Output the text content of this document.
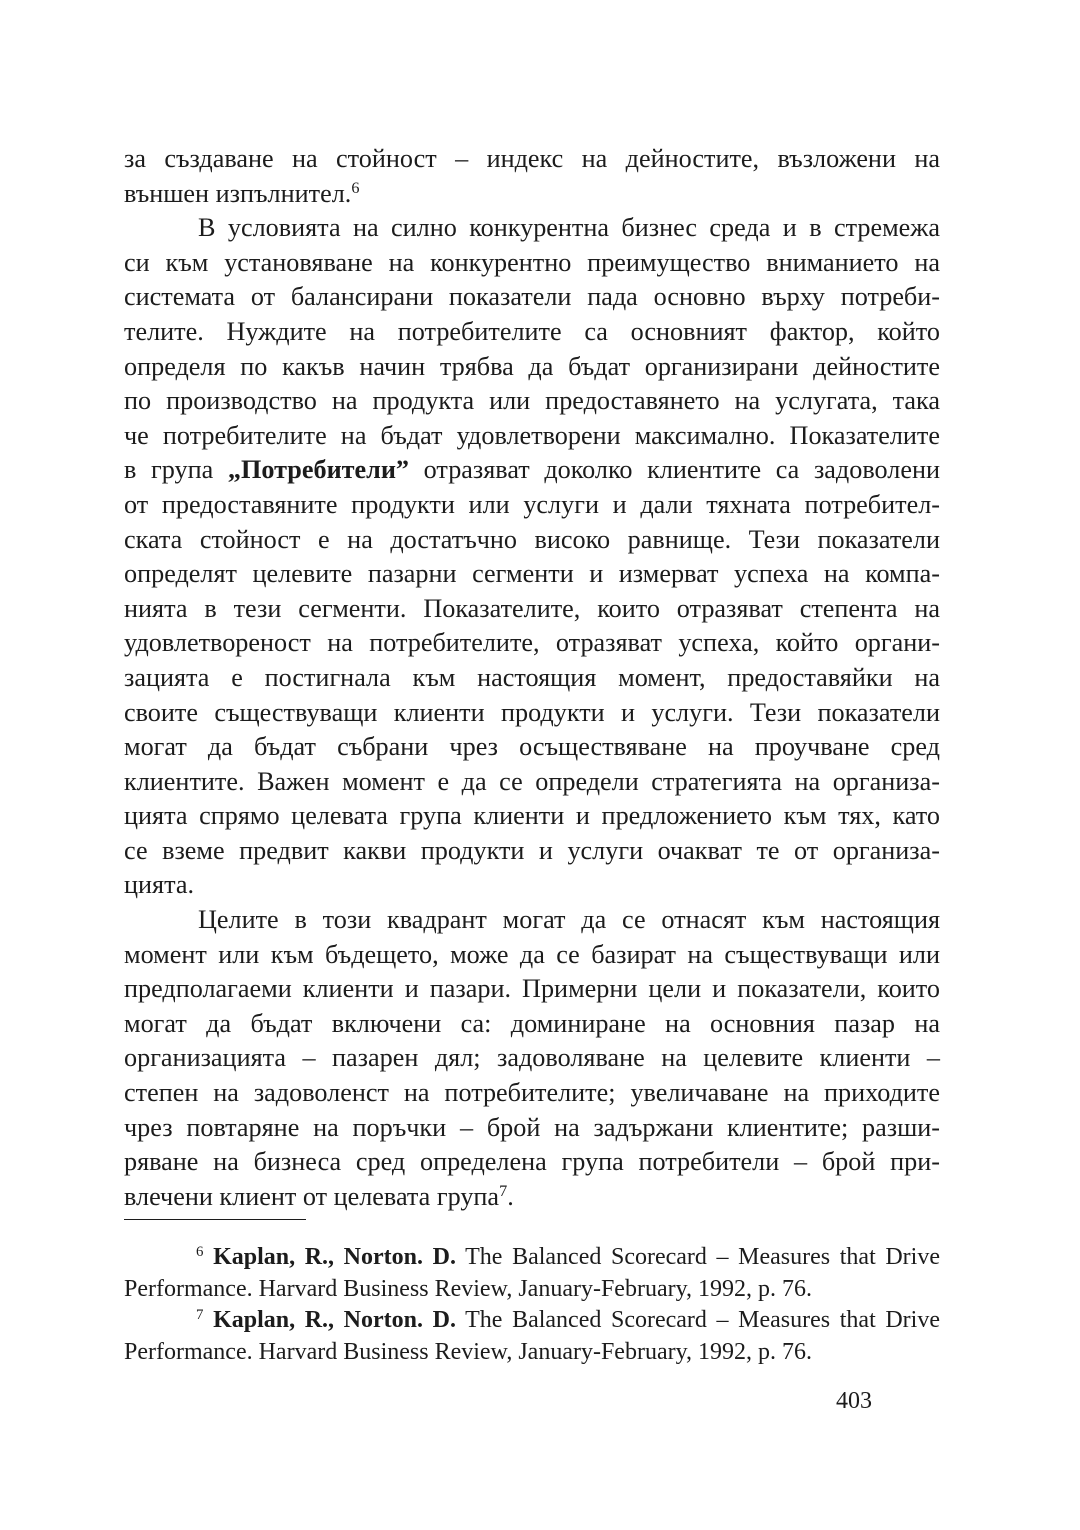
за създаване на стойност – индекс на дейностите, възложени на
външен изпълнител.$^6$
В условията на силно конкурентна бизнес среда и в стремежа
си към установяване на конкурентно преимущество вниманието на
системата от балансирани показатели пада основно върху потреби-
телите. Нуждите на потребителите са основният фактор, който
определя по какъв начин трябва да бъдат организирани дейностите
по производство на продукта или предоставянето на услугата, така
че потребителите на бъдат удовлетворени максимално. Показателите
в група „Потребители” отразяват доколко клиентите са задоволени
от предоставяните продукти или услуги и дали тяхната потребител-
ската стойност е на достатъчно високо равнище. Тези показатели
определят целевите пазарни сегменти и измерват успеха на компа-
нията в тези сегменти. Показателите, които отразяват степента на
удовлетвореност на потребителите, отразяват успеха, който органи-
зацията е постигнала към настоящия момент, предоставяйки на
своите съществуващи клиенти продукти и услуги. Тези показатели
могат да бъдат събрани чрез осъществяване на проучване сред
клиентите. Важен момент е да се определи стратегията на организа-
цията спрямо целевата група клиенти и предложението към тях, като
се вземе предвит какви продукти и услуги очакват те от организа-
цията.
Целите в този квадрант могат да се отнасят към настоящия
момент или към бъдещето, може да се базират на съществуващи или
предполагаеми клиенти и пазари. Примерни цели и показатели, които
могат да бъдат включени са: доминиране на основния пазар на
организацията – пазарен дял; задоволяване на целевите клиенти –
степен на задоволенст на потребителите; увеличаване на приходите
чрез повтаряне на поръчки – брой на задържани клиентите; разши-
ряване на бизнеса сред определена група потребители – брой при-
влечени клиент от целевата група$^7$.
$^6$ Kaplan, R., Norton. D. The Balanced Scorecard – Measures that Drive
Performance. Harvard Business Review, January-February, 1992, p. 76.
$^7$ Kaplan, R., Norton. D. The Balanced Scorecard – Measures that Drive
Performance. Harvard Business Review, January-February, 1992, p. 76.
403
